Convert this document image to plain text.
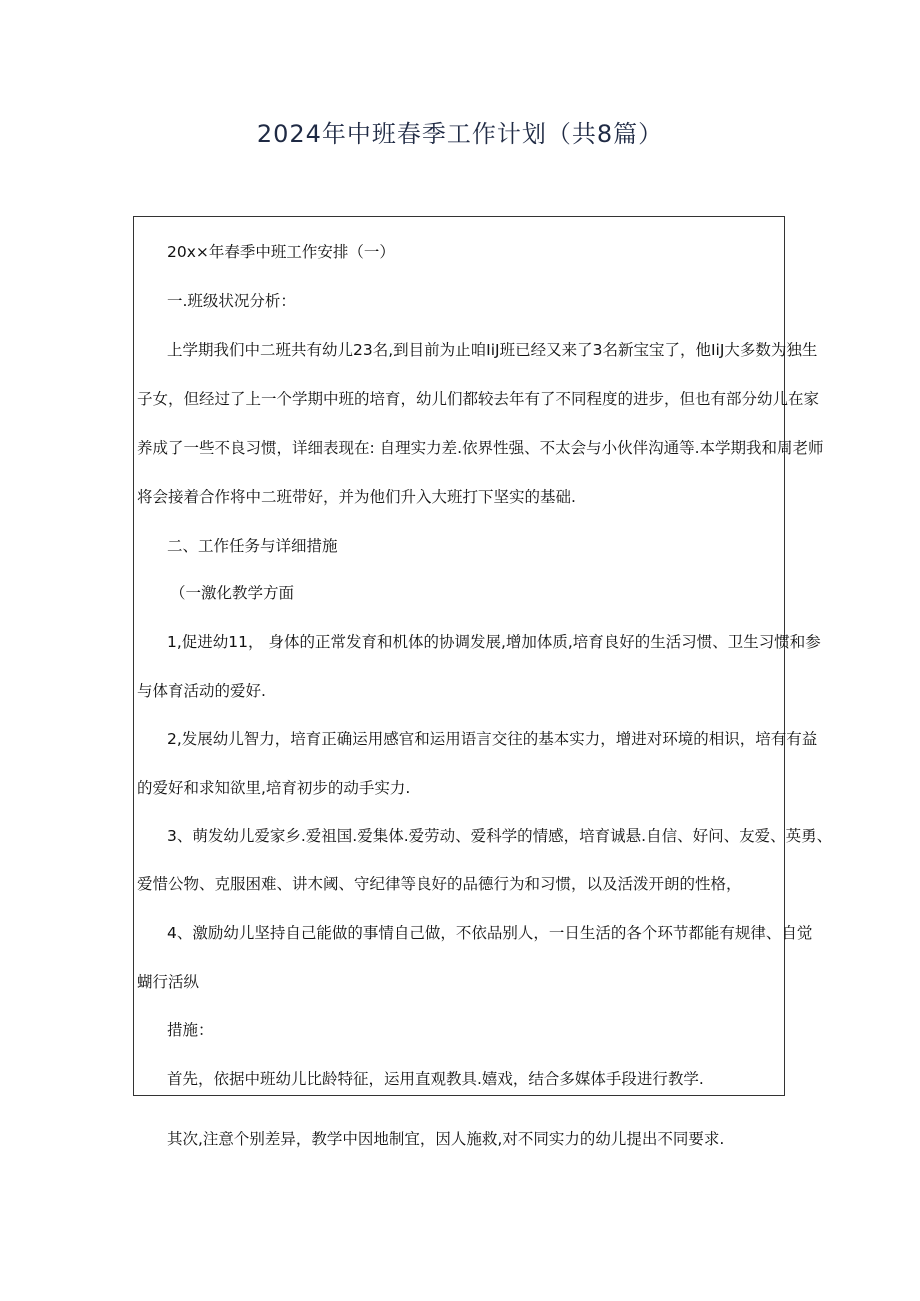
2024年中班春季工作计划（共8篇）
20x×年春季中班工作安排（一）
一.班级状况分析：
上学期我们中二班共有幼儿23名,到目前为止咱IiJ班已经又来了3名新宝宝了，他IiJ大多数为独生
子女，但经过了上一个学期中班的培育，幼儿们都较去年有了不同程度的进步，但也有部分幼儿在家
养成了一些不良习惯，详细表现在: 自理实力差.依界性强、不太会与小伙伴沟通等.本学期我和周老师
将会接着合作将中二班带好，并为他们升入大班打下坚实的基础.
二、工作任务与详细措施
（一激化教学方面
1,促进幼11， 身体的正常发育和机体的协调发展,增加体质,培育良好的生活习惯、卫生习惯和参
与体育活动的爱好.
2,发展幼儿智力，培育正确运用感官和运用语言交往的基本实力，增进对环境的相识，培有有益
的爱好和求知欲里,培育初步的动手实力.
3、萌发幼儿爱家乡.爱祖国.爱集体.爱劳动、爱科学的情感，培育诚悬.自信、好问、友爱、英勇、
爱惜公物、克服困难、讲木阈、守纪律等良好的品德行为和习惯，以及活泼开朗的性格，
4、激励幼儿坚持自己能做的事情自己做，不依品别人，一日生活的各个环节都能有规律、自觉
蝴行活纵
措施：
首先，依据中班幼儿比龄特征，运用直观教具.嬉戏，结合多媒体手段进行教学.
其次,注意个别差异，教学中因地制宜，因人施救,对不同实力的幼儿提出不同要求.
